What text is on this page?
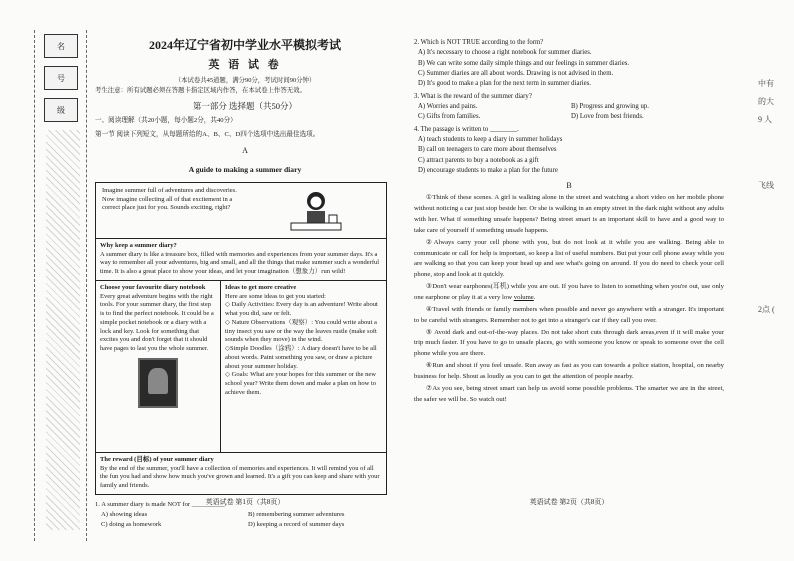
名
号
级
2024年辽宁省初中学业水平模拟考试
英 语 试 卷
（本试卷共45道题，满分90分，考试时间90分钟）
考生注意：所有试题必须在答题卡指定区域内作答，在本试卷上作答无效。
第一部分 选择题（共50分）
一、阅读理解（共20小题，每小题2分，共40分）
第一节 阅读下列短文，从每题所给的A、B、C、D四个选项中选出最佳选项。
A
A guide to making a summer diary
Imagine summer full of adventures and discoveries. Now imagine collecting all of that excitement in a correct place just for you. Sounds exciting, right?
Why keep a summer diary?
A summer diary is like a treasure box, filled with memories and experiences from your summer days. It's a way to remember all your adventures, big and small, and all the things that make summer such a wonderful time. It is also a great place to show your ideas, and let your imagination（想象力）run wild!
Choose your favourite diary notebook
Every great adventure begins with the right tools. For your summer diary, the first step is to find the perfect notebook. It could be a simple pocket notebook or a diary with a lock and key. Look for something that excites you and don't forget that it should have pages to last you the whole summer.
Ideas to get more creative
Here are some ideas to get you started:
◇ Daily Activities: Every day is an adventure! Write about what you did, saw or felt.
◇ Nature Observations（观察）: You could write about a tiny insect you saw or the way the leaves rustle (make soft sounds when they move) in the wind.
◇Simple Doodles（涂鸦）: A diary doesn't have to be all about words. Paint something you saw, or draw a picture about your summer holiday.
◇ Goals: What are your hopes for this summer or the new school year? Write them down and make a plan on how to achieve them.
The reward (目标) of your summer diary
By the end of the summer, you'll have a collection of memories and experiences. It will remind you of all the fun you had and show how much you've grown and learned. It's a gift you can keep and share with your family and friends.
1. A summer diary is made NOT for __________.
A) showing ideas	B) remembering summer adventures
C) doing as homework	D) keeping a record of summer days
英语试卷 第1页（共8页）
2. Which is NOT TRUE according to the form?
A) It's necessary to choose a right notebook for summer diaries.
B) We can write some daily simple things and our feelings in summer diaries.
C) Summer diaries are all about words. Drawing is not advised in them.
D) It's good to make a plan for the next term in summer diaries.
3. What is the reward of the summer diary?
A) Worries and pains.	B) Progress and growing up.
C) Gifts from families.	D) Love from best friends.
4. The passage is written to ________.
A) teach students to keep a diary in summer holidays
B) call on teenagers to care more about themselves
C) attract parents to buy a notebook as a gift
D) encourage students to make a plan for the future
B
①Think of these scenes. A girl is walking alone in the street and watching a short video on her mobile phone without noticing a car just stop beside her. Or she is walking in an empty street in the dark night without any adults with her. What if something unsafe happens? Being street smart is an important skill to have and a good way to take care of yourself if something unsafe happens.
②Always carry your cell phone with you, but do not look at it while you are walking. Being able to communicate or call for help is important, so keep a list of useful numbers. But put your cell phone away while you are walking so that you can keep your head up and see what's going on around. If you do need to check your cell phone, stop and look at it quickly.
③Don't wear earphones(耳机) while you are out. If you have to listen to something when you're out, use only one earphone or play it at a very low volume.
④Travel with friends or family members when possible and never go anywhere with a stranger. It's important to be careful with strangers. Remember not to get into a stranger's car if they call you over.
⑤ Avoid dark and out-of-the-way places. Do not take short cuts through dark areas,even if it will make your trip much faster. If you have to go to unsafe places, go with someone you know or speak to someone over the cell phone while you are there.
⑥Run and shout if you feel unsafe. Run away as fast as you can towards a police station, hospital, on nearby business for help. Shout as loudly as you can to get the attention of people nearby.
⑦As you see, being street smart can help us avoid some possible problems. The smarter we are in the street, the safer we will be. So watch out!
英语试卷 第2页（共8页）
中有
的大
9 人
飞线
2点 (
